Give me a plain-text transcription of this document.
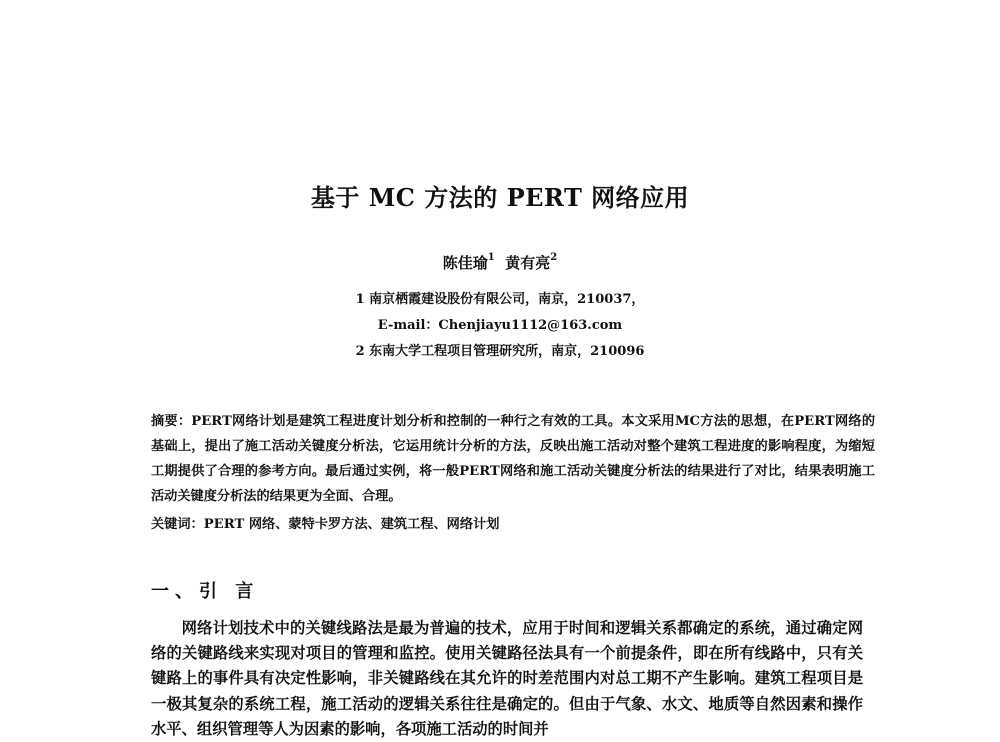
基于 MC 方法的 PERT 网络应用
陈佳瑜$^1$ 黄有亮$^2$
1 南京栖霞建设股份有限公司，南京，210037，
E-mail：Chenjiayu1112@163.com
2 东南大学工程项目管理研究所，南京，210096

摘要：PERT网络计划是建筑工程进度计划分析和控制的一种行之有效的工具。本文采用MC方法的思想，在PERT网络的基础上，提出了施工活动关键度分析法，它运用统计分析的方法，反映出施工活动对整个建筑工程进度的影响程度，为缩短工期提供了合理的参考方向。最后通过实例，将一般PERT网络和施工活动关键度分析法的结果进行了对比，结果表明施工活动关键度分析法的结果更为全面、合理。

关键词：PERT 网络、蒙特卡罗方法、建筑工程、网络计划

一、引 言

网络计划技术中的关键线路法是最为普遍的技术，应用于时间和逻辑关系都确定的系统，通过确定网络的关键路线来实现对项目的管理和监控。使用关键路径法具有一个前提条件，即在所有线路中，只有关键路上的事件具有决定性影响，非关键路线在其允许的时差范围内对总工期不产生影响。建筑工程项目是一极其复杂的系统工程，施工活动的逻辑关系往往是确定的。但由于气象、水文、地质等自然因素和操作水平、组织管理等人为因素的影响，各项施工活动的时间并
